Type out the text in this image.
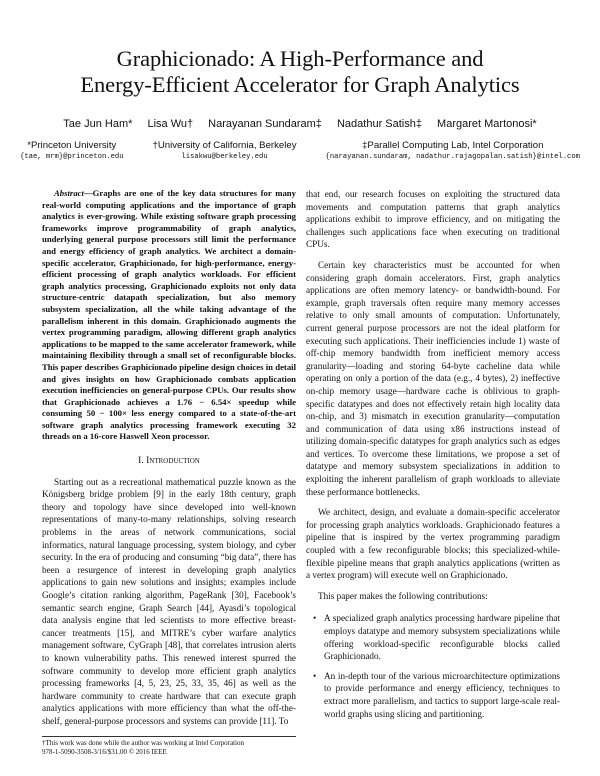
Graphicionado: A High-Performance and
Energy-Efficient Accelerator for Graph Analytics
Tae Jun Ham* Lisa Wu† Narayanan Sundaram‡ Nadathur Satish‡ Margaret Martonosi*
*Princeton University
{tae, mrm}@princeton.edu
†University of California, Berkeley
lisakwu@berkeley.edu
‡Parallel Computing Lab, Intel Corporation
{narayanan.sundaram, nadathur.rajagopalan.satish}@intel.com

Abstract—Graphs are one of the key data structures for many real-world computing applications and the importance of graph analytics is ever-growing. While existing software graph processing frameworks improve programmability of graph analytics, underlying general purpose processors still limit the performance and energy efficiency of graph analytics. We architect a domain-specific accelerator, Graphicionado, for high-performance, energy-efficient processing of graph analytics workloads. For efficient graph analytics processing, Graphicionado exploits not only data structure-centric datapath specialization, but also memory subsystem specialization, all the while taking advantage of the parallelism inherent in this domain. Graphicionado augments the vertex programming paradigm, allowing different graph analytics applications to be mapped to the same accelerator framework, while maintaining flexibility through a small set of reconfigurable blocks. This paper describes Graphicionado pipeline design choices in detail and gives insights on how Graphicionado combats application execution inefficiencies on general-purpose CPUs. Our results show that Graphicionado achieves a 1.76 − 6.54× speedup while consuming 50 − 100× less energy compared to a state-of-the-art software graph analytics processing framework executing 32 threads on a 16-core Haswell Xeon processor.

I. Introduction

Starting out as a recreational mathematical puzzle known as the Königsberg bridge problem [9] in the early 18th century, graph theory and topology have since developed into well-known representations of many-to-many relationships, solving research problems in the areas of network communications, social informatics, natural language processing, system biology, and cyber security. In the era of producing and consuming “big data”, there has been a resurgence of interest in developing graph analytics applications to gain new solutions and insights; examples include Google’s citation ranking algorithm, PageRank [30], Facebook’s semantic search engine, Graph Search [44], Ayasdi’s topological data analysis engine that led scientists to more effective breast-cancer treatments [15], and MITRE’s cyber warfare analytics management software, CyGraph [48], that correlates intrusion alerts to known vulnerability paths. This renewed interest spurred the software community to develop more efficient graph analytics processing frameworks [4, 5, 23, 25, 33, 35, 46] as well as the hardware community to create hardware that can execute graph analytics applications with more efficiency than what the off-the-shelf, general-purpose processors and systems can provide [11]. To

that end, our research focuses on exploiting the structured data movements and computation patterns that graph analytics applications exhibit to improve efficiency, and on mitigating the challenges such applications face when executing on traditional CPUs.

Certain key characteristics must be accounted for when considering graph domain accelerators. First, graph analytics applications are often memory latency- or bandwidth-bound. For example, graph traversals often require many memory accesses relative to only small amounts of computation. Unfortunately, current general purpose processors are not the ideal platform for executing such applications. Their inefficiencies include 1) waste of off-chip memory bandwidth from inefficient memory access granularity—loading and storing 64-byte cacheline data while operating on only a portion of the data (e.g., 4 bytes), 2) ineffective on-chip memory usage—hardware cache is oblivious to graph-specific datatypes and does not effectively retain high locality data on-chip, and 3) mismatch in execution granularity—computation and communication of data using x86 instructions instead of utilizing domain-specific datatypes for graph analytics such as edges and vertices. To overcome these limitations, we propose a set of datatype and memory subsystem specializations in addition to exploiting the inherent parallelism of graph workloads to alleviate these performance bottlenecks.

We architect, design, and evaluate a domain-specific accelerator for processing graph analytics workloads. Graphicionado features a pipeline that is inspired by the vertex programming paradigm coupled with a few reconfigurable blocks; this specialized-while-flexible pipeline means that graph analytics applications (written as a vertex program) will execute well on Graphicionado.

This paper makes the following contributions:

• A specialized graph analytics processing hardware pipeline that employs datatype and memory subsystem specializations while offering workload-specific reconfigurable blocks called Graphicionado.
• An in-depth tour of the various microarchitecture optimizations to provide performance and energy efficiency, techniques to extract more parallelism, and tactics to support large-scale real-world graphs using slicing and partitioning.
†This work was done while the author was working at Intel Corporation
978-1-5090-3508-3/16/$31.00 © 2016 IEEE
